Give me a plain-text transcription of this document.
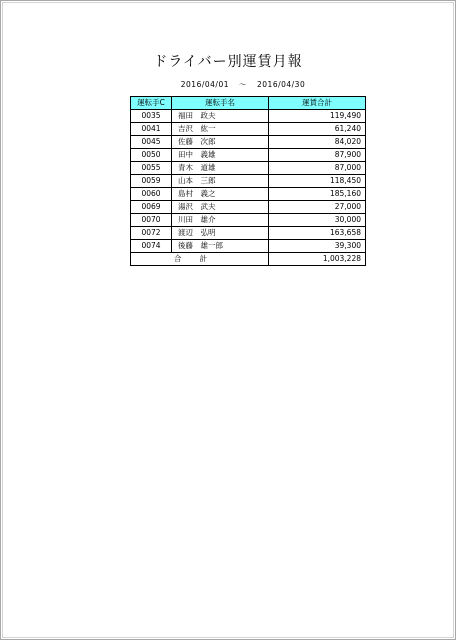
ドライバー別運賃月報
2016/04/01 ～ 2016/04/30
運転手C	運転手名	運賃合計
0035	福田　政夫	119,490
0041	吉沢　紘一	61,240
0045	佐藤　次郎	84,020
0050	田中　義雄	87,900
0055	青木　道雄	87,000
0059	山本　三郎	118,450
0060	島村　義之	185,160
0069	湯沢　武夫	27,000
0070	川田　雄介	30,000
0072	渡辺　弘明	163,658
0074	後藤　雄一郎	39,300
合計		1,003,228
